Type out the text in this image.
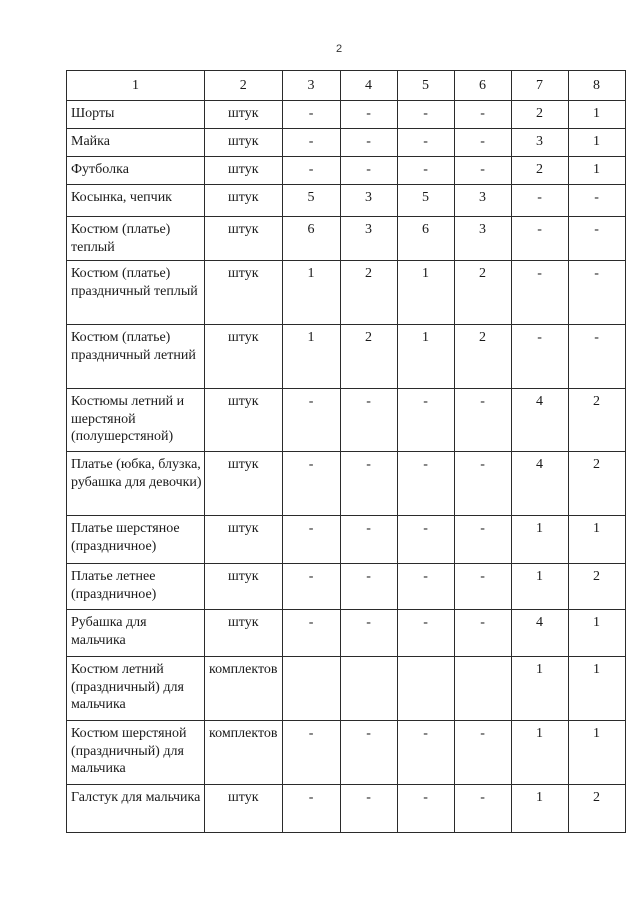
2
1	2	3	4	5	6	7	8
Шорты	штук	-	-	-	-	2	1
Майка	штук	-	-	-	-	3	1
Футболка	штук	-	-	-	-	2	1
Косынка, чепчик	штук	5	3	5	3	-	-
Костюм (платье) теплый	штук	6	3	6	3	-	-
Костюм (платье) праздничный теплый	штук	1	2	1	2	-	-
Костюм (платье) праздничный летний	штук	1	2	1	2	-	-
Костюмы летний и шерстяной (полушерстяной)	штук	-	-	-	-	4	2
Платье (юбка, блузка, рубашка для девочки)	штук	-	-	-	-	4	2
Платье шерстяное (праздничное)	штук	-	-	-	-	1	1
Платье летнее (праздничное)	штук	-	-	-	-	1	2
Рубашка для мальчика	штук	-	-	-	-	4	1
Костюм летний (праздничный) для мальчика	комплектов					1	1
Костюм шерстяной (праздничный) для мальчика	комплектов	-	-	-	-	1	1
Галстук для мальчика	штук	-	-	-	-	1	2
